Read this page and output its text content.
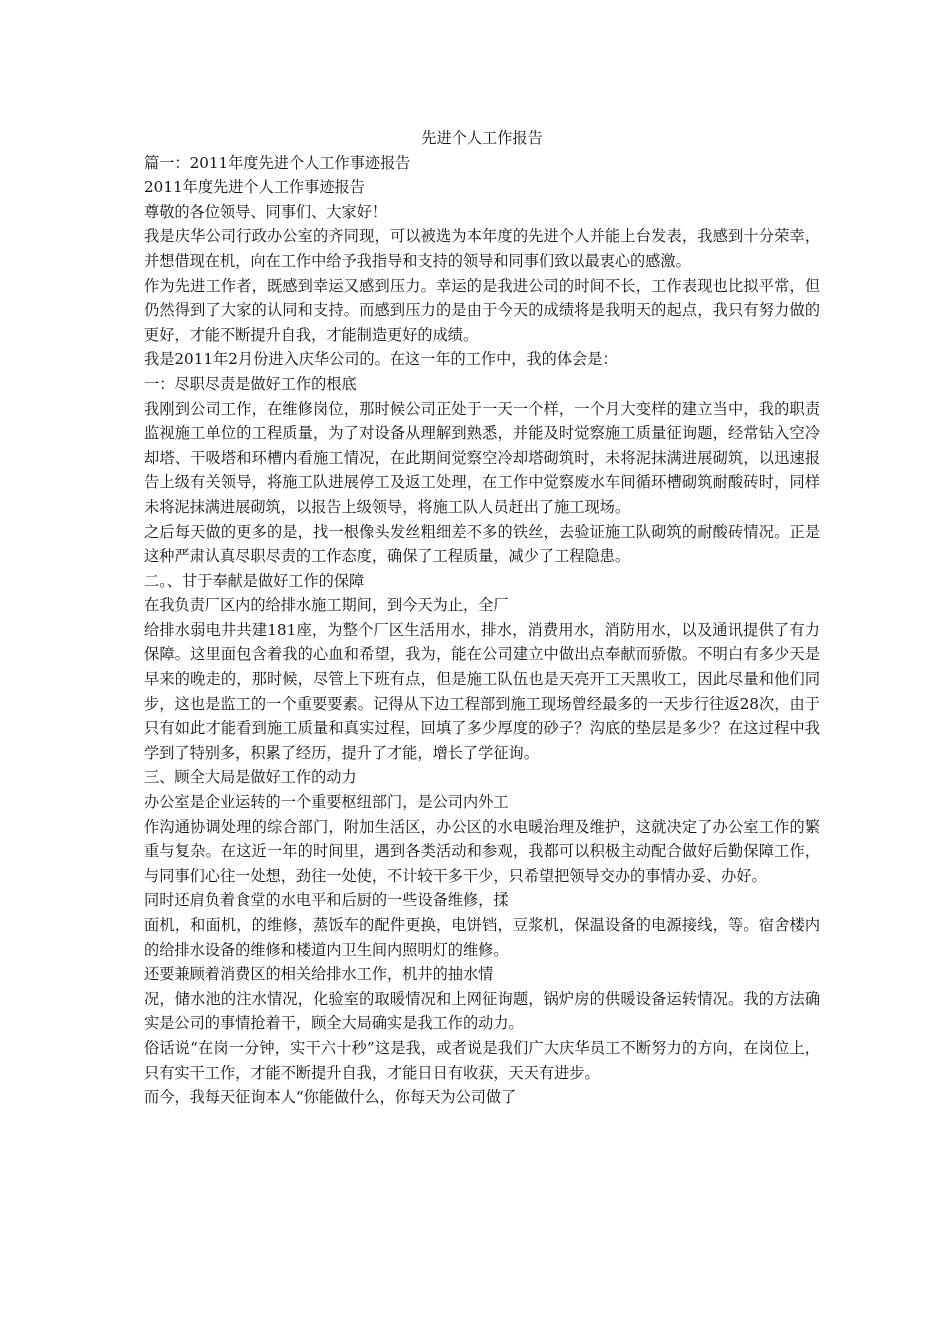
先进个人工作报告
篇一：2011年度先进个人工作事迹报告
2011年度先进个人工作事迹报告
尊敬的各位领导、同事们、大家好！
我是庆华公司行政办公室的齐同现，可以被选为本年度的先进个人并能上台发表，我感到十分荣幸，并想借现在机，向在工作中给予我指导和支持的领导和同事们致以最衷心的感激。
作为先进工作者，既感到幸运又感到压力。幸运的是我进公司的时间不长，工作表现也比拟平常，但仍然得到了大家的认同和支持。而感到压力的是由于今天的成绩将是我明天的起点，我只有努力做的更好，才能不断提升自我，才能制造更好的成绩。
我是2011年2月份进入庆华公司的。在这一年的工作中，我的体会是：
一：尽职尽责是做好工作的根底
我刚到公司工作，在维修岗位，那时候公司正处于一天一个样，一个月大变样的建立当中，我的职责监视施工单位的工程质量，为了对设备从理解到熟悉，并能及时觉察施工质量征询题，经常钻入空冷却塔、干吸塔和环槽内看施工情况，在此期间觉察空冷却塔砌筑时，未将泥抹满进展砌筑，以迅速报告上级有关领导，将施工队进展停工及返工处理，在工作中觉察废水车间循环槽砌筑耐酸砖时，同样未将泥抹满进展砌筑，以报告上级领导，将施工队人员赶出了施工现场。
之后每天做的更多的是，找一根像头发丝粗细差不多的铁丝，去验证施工队砌筑的耐酸砖情况。正是这种严肃认真尽职尽责的工作态度，确保了工程质量，减少了工程隐患。
二。、甘于奉献是做好工作的保障
在我负责厂区内的给排水施工期间，到今天为止，全厂
给排水弱电井共建181座，为整个厂区生活用水，排水，消费用水，消防用水，以及通讯提供了有力保障。这里面包含着我的心血和希望，我为，能在公司建立中做出点奉献而骄傲。不明白有多少天是早来的晚走的，那时候，尽管上下班有点，但是施工队伍也是天亮开工天黑收工，因此尽量和他们同步，这也是监工的一个重要要素。记得从下边工程部到施工现场曾经最多的一天步行往返28次，由于只有如此才能看到施工质量和真实过程，回填了多少厚度的砂子？沟底的垫层是多少？在这过程中我学到了特别多，积累了经历，提升了才能，增长了学征询。
三、顾全大局是做好工作的动力
办公室是企业运转的一个重要枢纽部门，是公司内外工
作沟通协调处理的综合部门，附加生活区，办公区的水电暖治理及维护，这就决定了办公室工作的繁重与复杂。在这近一年的时间里，遇到各类活动和参观，我都可以积极主动配合做好后勤保障工作，与同事们心往一处想，劲往一处使，不计较干多干少，只希望把领导交办的事情办妥、办好。
同时还肩负着食堂的水电平和后厨的一些设备维修，揉
面机，和面机，的维修，蒸饭车的配件更换，电饼铛，豆浆机，保温设备的电源接线，等。宿舍楼内的给排水设备的维修和楼道内卫生间内照明灯的维修。
还要兼顾着消费区的相关给排水工作，机井的抽水情
况，储水池的注水情况，化验室的取暖情况和上网征询题，锅炉房的供暖设备运转情况。我的方法确实是公司的事情抢着干，顾全大局确实是我工作的动力。
俗话说“在岗一分钟，实干六十秒”这是我，或者说是我们广大庆华员工不断努力的方向，在岗位上，只有实干工作，才能不断提升自我，才能日日有收获，天天有进步。
而今，我每天征询本人“你能做什么，你每天为公司做了
